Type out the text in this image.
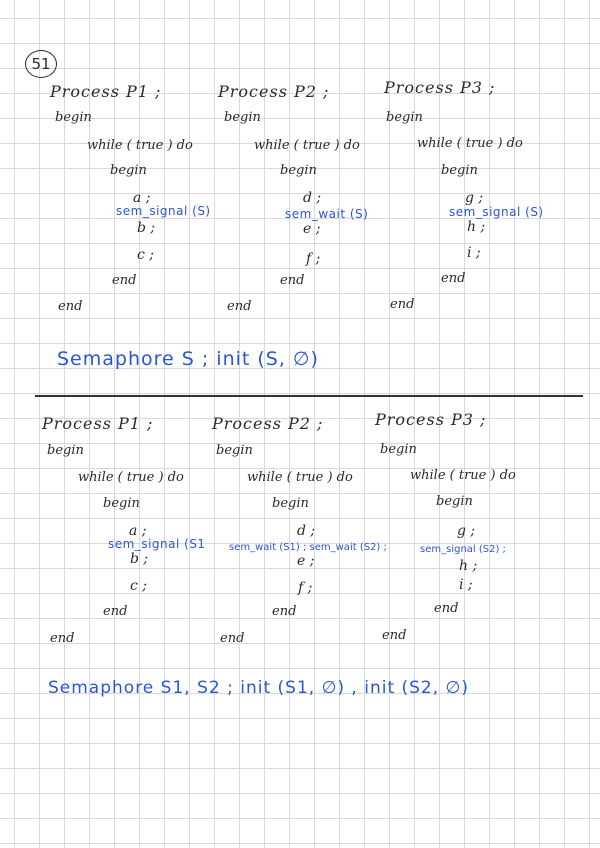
51
Process P1 ;
begin
while ( true ) do
begin
a ;
sem_signal (S)
b ;
c ;
end
end
Process P2 ;
begin
while ( true ) do
begin
d ;
sem_wait (S)
e ;
f ;
end
end
Process P3 ;
begin
while ( true ) do
begin
g ;
sem_signal (S)
h ;
i ;
end
end
Semaphore S ; init (S, ∅)
Process P1 ;
begin
while ( true ) do
begin
a ;
sem_signal (S1
b ;
c ;
end
end
Process P2 ;
begin
while ( true ) do
begin
d ;
sem_wait (S1) ; sem_wait (S2) ;
e ;
f ;
end
end
Process P3 ;
begin
while ( true ) do
begin
g ;
sem_signal (S2) ;
h ;
i ;
end
end
Semaphore S1, S2 ; init (S1, ∅) , init (S2, ∅)
